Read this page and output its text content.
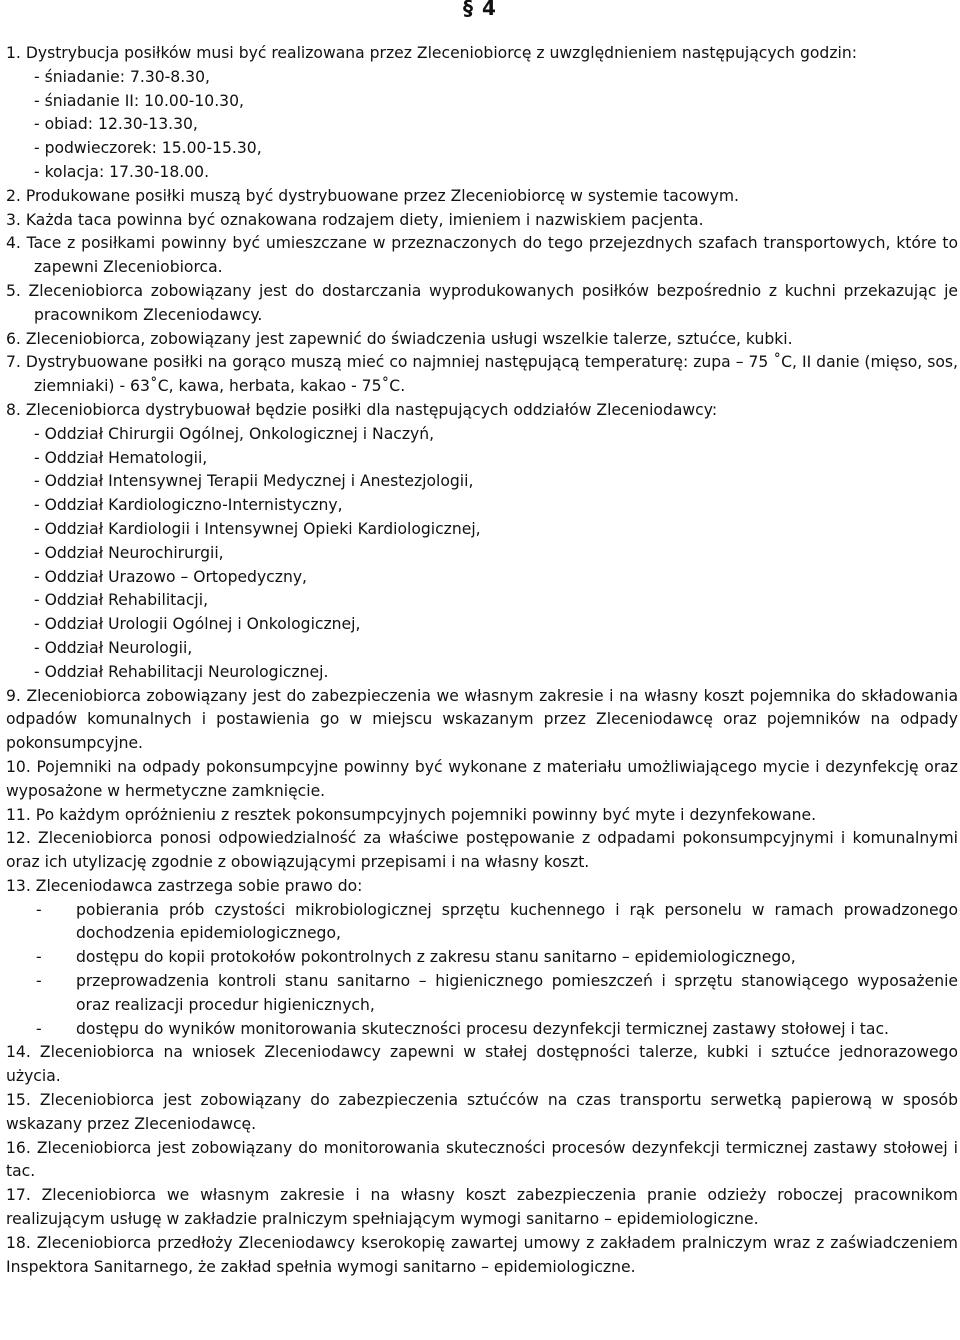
§ 4

1. Dystrybucja posiłków musi być realizowana przez Zleceniobiorcę z uwzględnieniem następujących godzin:

- śniadanie: 7.30-8.30,
- śniadanie II: 10.00-10.30,
- obiad: 12.30-13.30,
- podwieczorek: 15.00-15.30,
- kolacja: 17.30-18.00.

2. Produkowane posiłki muszą być dystrybuowane przez Zleceniobiorcę w systemie tacowym.

3. Każda taca powinna być oznakowana rodzajem diety, imieniem i nazwiskiem pacjenta.

4. Tace z posiłkami powinny być umieszczane w przeznaczonych do tego przejezdnych szafach transportowych, które to zapewni Zleceniobiorca.

5. Zleceniobiorca zobowiązany jest do dostarczania wyprodukowanych posiłków bezpośrednio z kuchni przekazując je pracownikom Zleceniodawcy.

6. Zleceniobiorca, zobowiązany jest zapewnić do świadczenia usługi wszelkie talerze, sztućce, kubki.

7. Dystrybuowane posiłki na gorąco muszą mieć co najmniej następującą temperaturę: zupa – 75 ˚C, II danie (mięso, sos, ziemniaki) - 63˚C, kawa, herbata, kakao - 75˚C.

8. Zleceniobiorca dystrybuował będzie posiłki dla następujących oddziałów Zleceniodawcy:

- Oddział Chirurgii Ogólnej, Onkologicznej i Naczyń,
- Oddział Hematologii,
- Oddział Intensywnej Terapii Medycznej i Anestezjologii,
- Oddział Kardiologiczno-Internistyczny,
- Oddział Kardiologii i Intensywnej Opieki Kardiologicznej,
- Oddział Neurochirurgii,
- Oddział Urazowo – Ortopedyczny,
- Oddział Rehabilitacji,
- Oddział Urologii Ogólnej i Onkologicznej,
- Oddział Neurologii,
- Oddział Rehabilitacji Neurologicznej.

9. Zleceniobiorca zobowiązany jest do zabezpieczenia we własnym zakresie i na własny koszt pojemnika do składowania odpadów komunalnych i postawienia go w miejscu wskazanym przez Zleceniodawcę oraz pojemników na odpady pokonsumpcyjne.

10. Pojemniki na odpady pokonsumpcyjne powinny być wykonane z materiału umożliwiającego mycie i dezynfekcję oraz wyposażone w hermetyczne zamknięcie.

11. Po każdym opróżnieniu z resztek pokonsumpcyjnych pojemniki powinny być myte i dezynfekowane.

12. Zleceniobiorca ponosi odpowiedzialność za właściwe postępowanie z odpadami pokonsumpcyjnymi i komunalnymi oraz ich utylizację zgodnie z obowiązującymi przepisami i na własny koszt.

13. Zleceniodawca zastrzega sobie prawo do:

- pobierania prób czystości mikrobiologicznej sprzętu kuchennego i rąk personelu w ramach prowadzonego dochodzenia epidemiologicznego,

- dostępu do kopii protokołów pokontrolnych z zakresu stanu sanitarno – epidemiologicznego,

- przeprowadzenia kontroli stanu sanitarno – higienicznego pomieszczeń i sprzętu stanowiącego wyposażenie oraz realizacji procedur higienicznych,

- dostępu do wyników monitorowania skuteczności procesu dezynfekcji termicznej zastawy stołowej i tac.

14. Zleceniobiorca na wniosek Zleceniodawcy zapewni w stałej dostępności talerze, kubki i sztućce jednorazowego użycia.

15. Zleceniobiorca jest zobowiązany do zabezpieczenia sztućców na czas transportu serwetką papierową w sposób wskazany przez Zleceniodawcę.

16. Zleceniobiorca jest zobowiązany do monitorowania skuteczności procesów dezynfekcji termicznej zastawy stołowej i tac.

17. Zleceniobiorca we własnym zakresie i na własny koszt zabezpieczenia pranie odzieży roboczej pracownikom realizującym usługę w zakładzie pralniczym spełniającym wymogi sanitarno – epidemiologiczne.

18. Zleceniobiorca przedłoży Zleceniodawcy kserokopię zawartej umowy z zakładem pralniczym wraz z zaświadczeniem Inspektora Sanitarnego, że zakład spełnia wymogi sanitarno – epidemiologiczne.
